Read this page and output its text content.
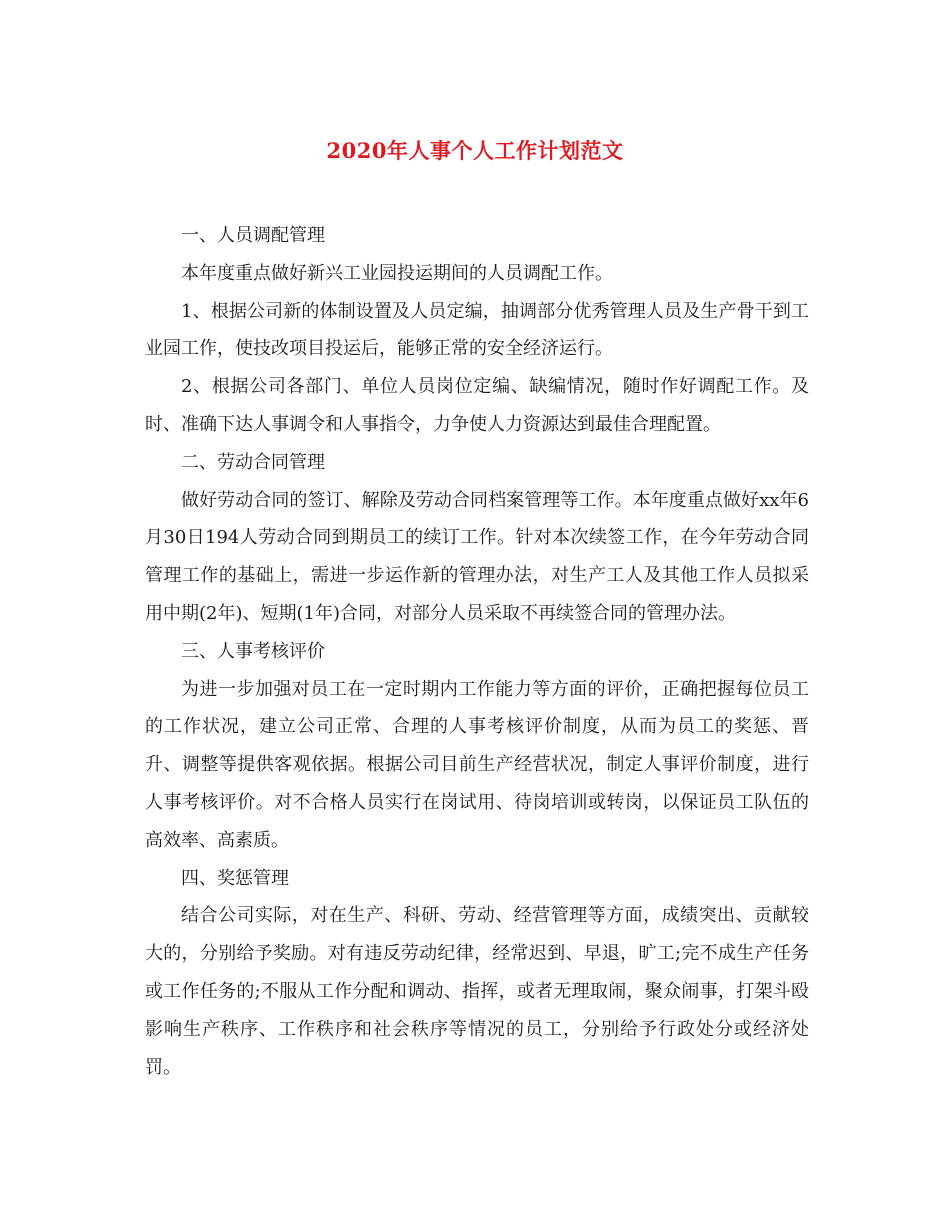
2020年人事个人工作计划范文

一、人员调配管理

本年度重点做好新兴工业园投运期间的人员调配工作。

1、根据公司新的体制设置及人员定编，抽调部分优秀管理人员及生产骨干到工业园工作，使技改项目投运后，能够正常的安全经济运行。

2、根据公司各部门、单位人员岗位定编、缺编情况，随时作好调配工作。及时、准确下达人事调令和人事指令，力争使人力资源达到最佳合理配置。

二、劳动合同管理

做好劳动合同的签订、解除及劳动合同档案管理等工作。本年度重点做好xx年6月30日194人劳动合同到期员工的续订工作。针对本次续签工作，在今年劳动合同管理工作的基础上，需进一步运作新的管理办法，对生产工人及其他工作人员拟采用中期(2年)、短期(1年)合同，对部分人员采取不再续签合同的管理办法。

三、人事考核评价

为进一步加强对员工在一定时期内工作能力等方面的评价，正确把握每位员工的工作状况，建立公司正常、合理的人事考核评价制度，从而为员工的奖惩、晋升、调整等提供客观依据。根据公司目前生产经营状况，制定人事评价制度，进行人事考核评价。对不合格人员实行在岗试用、待岗培训或转岗，以保证员工队伍的高效率、高素质。

四、奖惩管理

结合公司实际，对在生产、科研、劳动、经营管理等方面，成绩突出、贡献较大的，分别给予奖励。对有违反劳动纪律，经常迟到、早退，旷工;完不成生产任务或工作任务的;不服从工作分配和调动、指挥，或者无理取闹，聚众闹事，打架斗殴影响生产秩序、工作秩序和社会秩序等情况的员工，分别给予行政处分或经济处罚。
